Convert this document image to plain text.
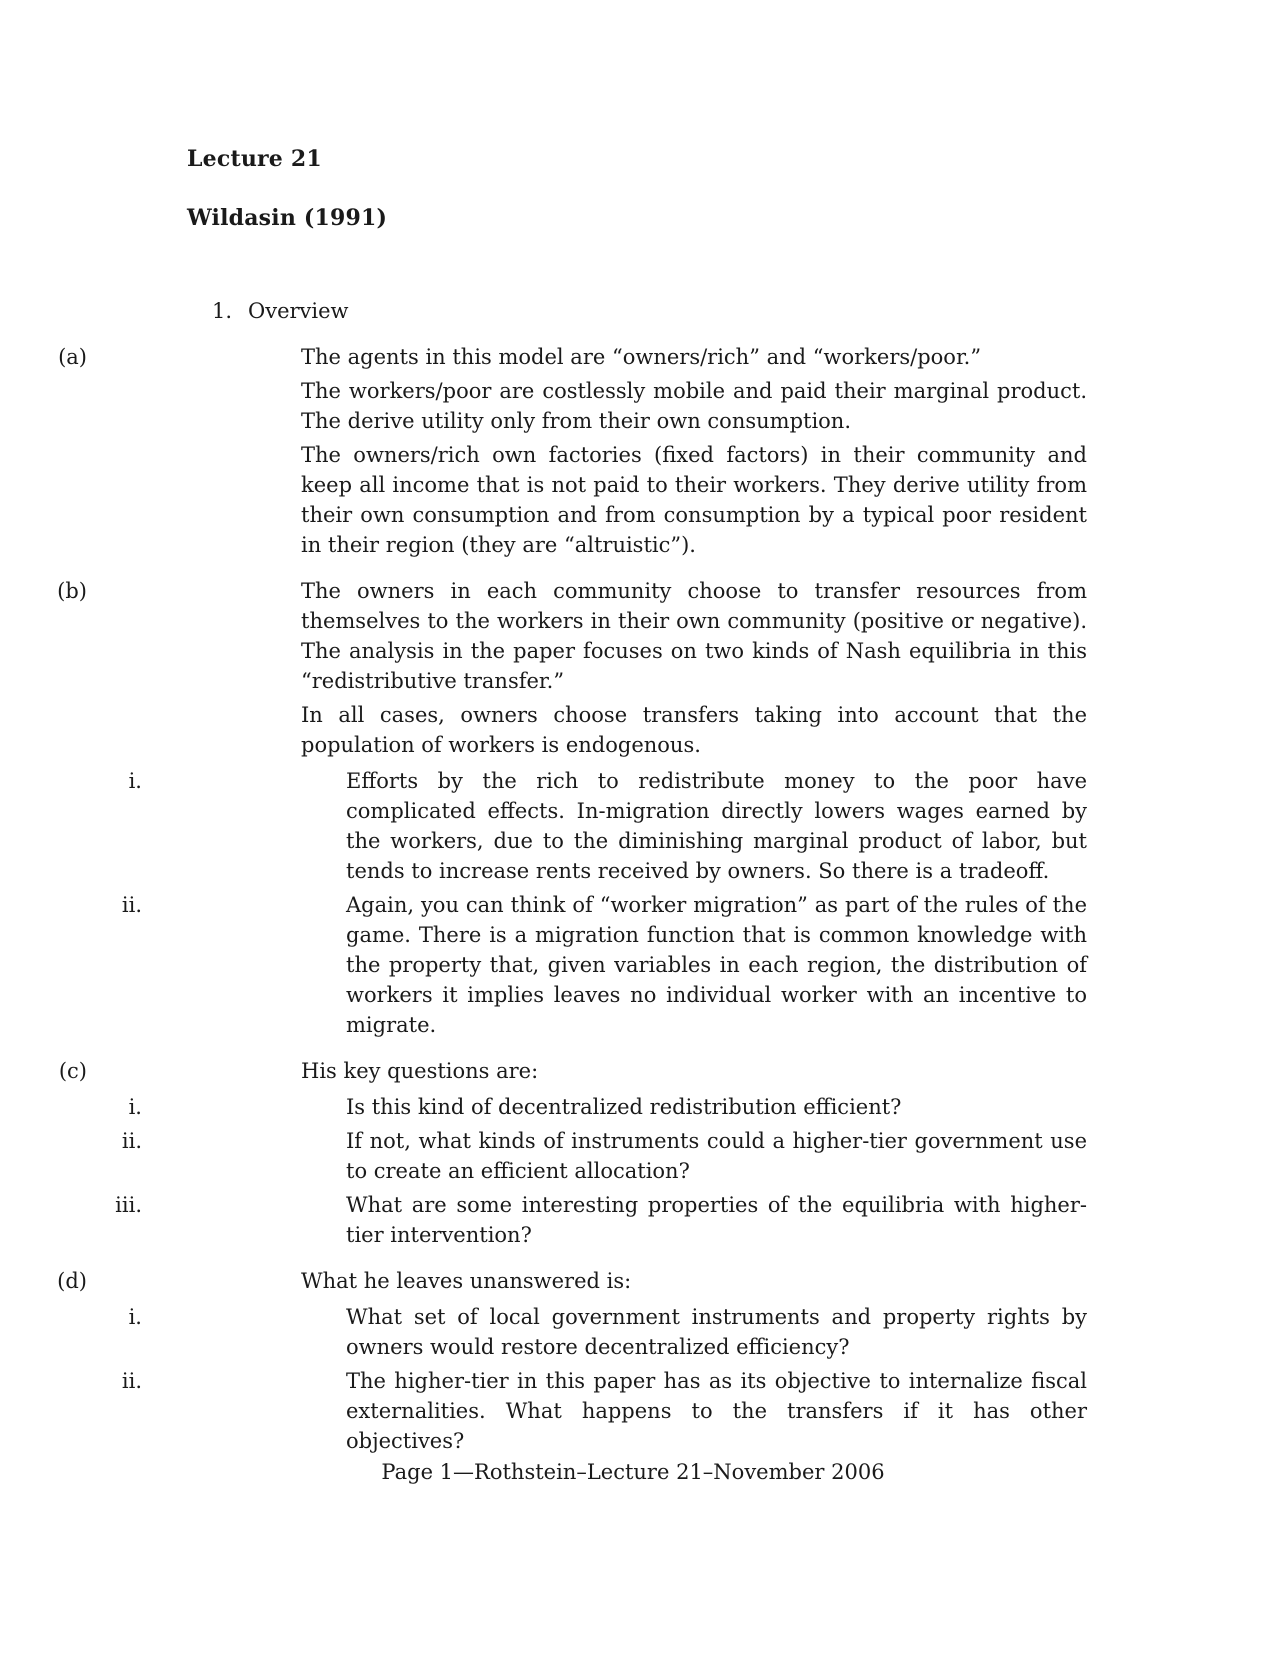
Lecture 21
Wildasin (1991)
1. Overview
(a)	The agents in this model are “owners/rich” and “workers/poor.”

The workers/poor are costlessly mobile and paid their marginal product. The derive utility only from their own consumption.

The owners/rich own factories (fixed factors) in their community and keep all income that is not paid to their workers. They derive utility from their own consumption and from consumption by a typical poor resident in their region (they are “altruistic”).

(b)	The owners in each community choose to transfer resources from themselves to the workers in their own community (positive or negative). The analysis in the paper focuses on two kinds of Nash equilibria in this “redistributive transfer.”

In all cases, owners choose transfers taking into account that the population of workers is endogenous.

i.	Efforts by the rich to redistribute money to the poor have complicated effects. In-migration directly lowers wages earned by the workers, due to the diminishing marginal product of labor, but tends to increase rents received by owners. So there is a tradeoff.

ii.	Again, you can think of “worker migration” as part of the rules of the game. There is a migration function that is common knowledge with the property that, given variables in each region, the distribution of workers it implies leaves no individual worker with an incentive to migrate.

(c)	His key questions are:

i.	Is this kind of decentralized redistribution efficient?

ii.	If not, what kinds of instruments could a higher-tier government use to create an efficient allocation?

iii.	What are some interesting properties of the equilibria with higher-tier intervention?

(d)	What he leaves unanswered is:

i.	What set of local government instruments and property rights by owners would restore decentralized efficiency?

ii.	The higher-tier in this paper has as its objective to internalize fiscal externalities. What happens to the transfers if it has other objectives?

Page 1—Rothstein–Lecture 21–November 2006
